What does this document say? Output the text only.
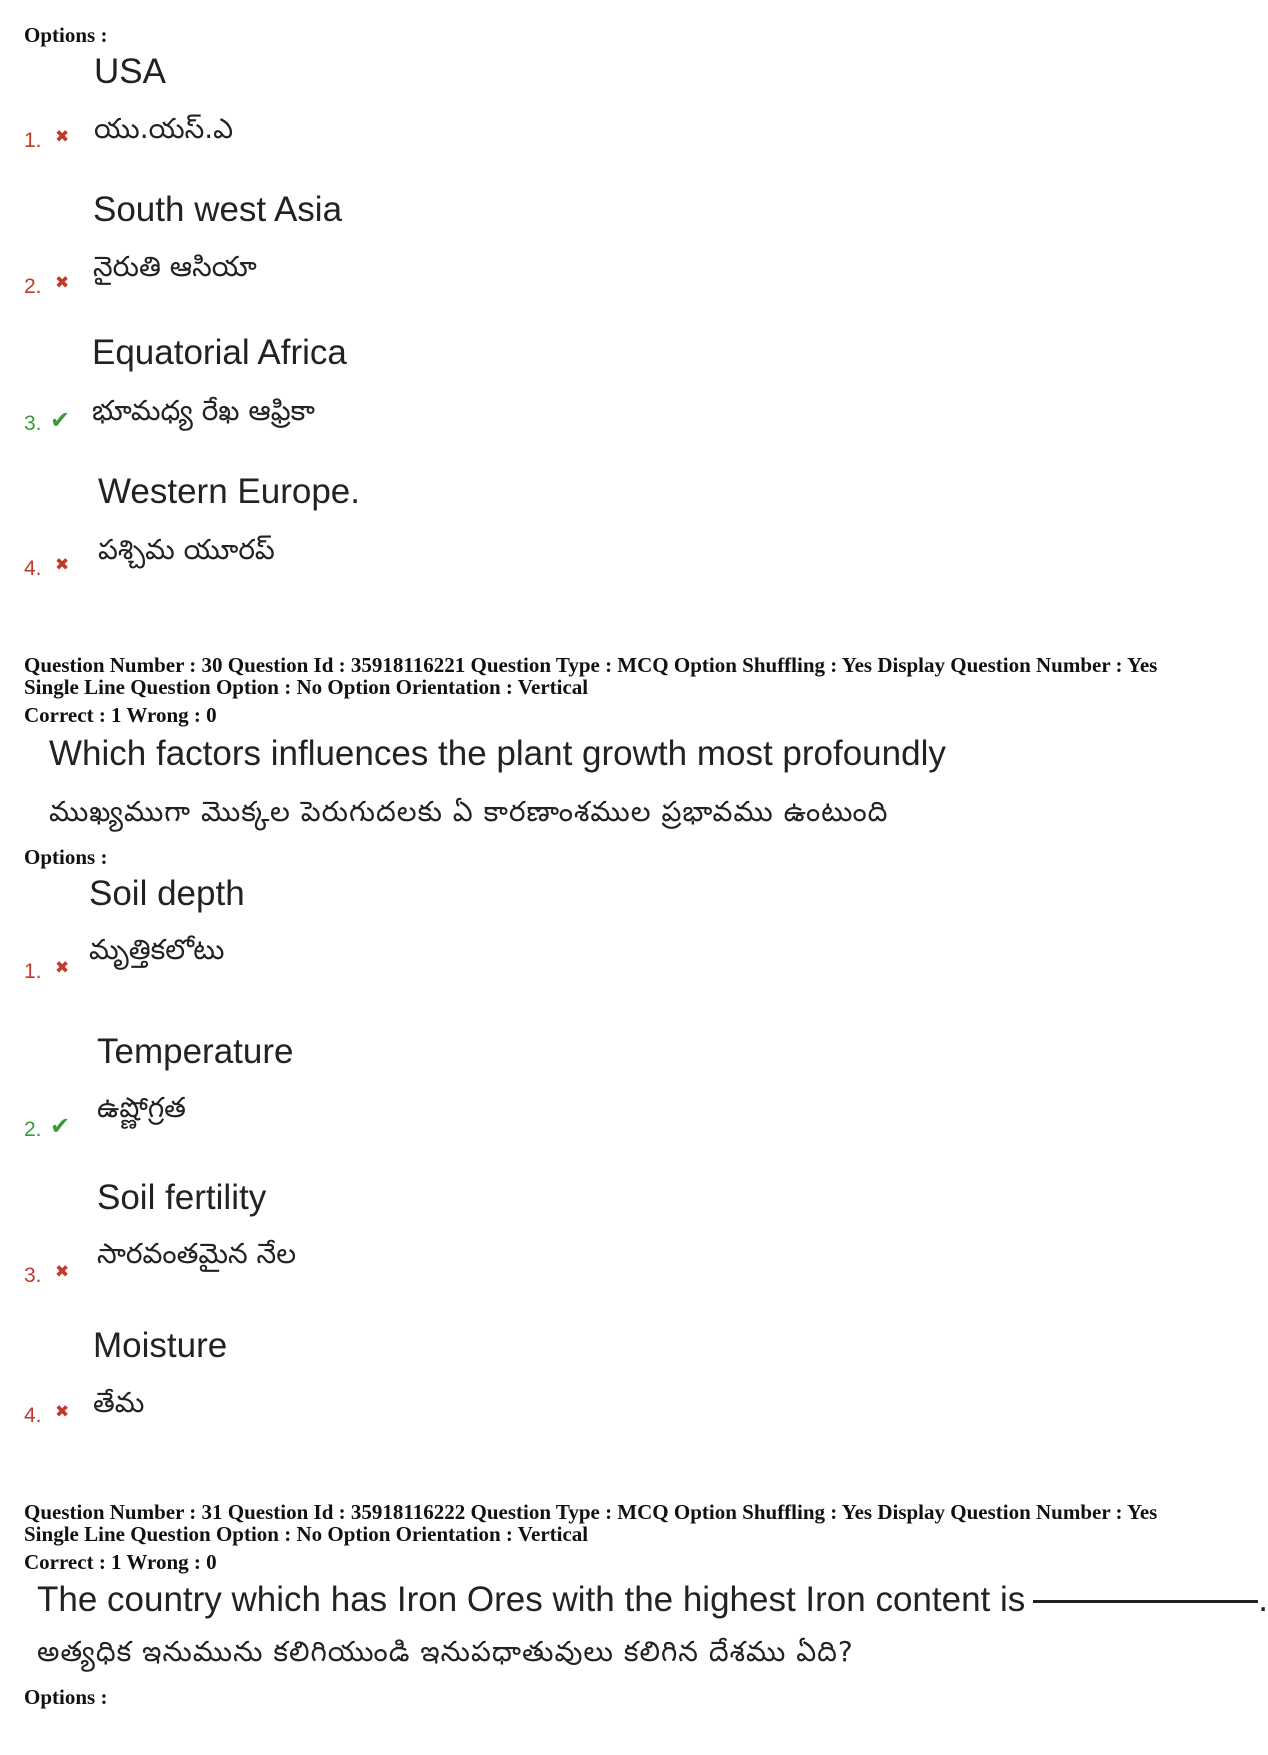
Options :
USA
యు.యస్.ఎ
1. ✖
South west Asia
నైరుతి ఆసియా
2. ✖
Equatorial Africa
భూమధ్య రేఖ ఆఫ్రికా
3. ✔
Western Europe.
పశ్చిమ యూరప్
4. ✖
Question Number : 30 Question Id : 35918116221 Question Type : MCQ Option Shuffling : Yes Display Question Number : Yes
Single Line Question Option : No Option Orientation : Vertical
Correct : 1 Wrong : 0
Which factors influences the plant growth most profoundly
ముఖ్యముగా మొక్కల పెరుగుదలకు ఏ కారణాంశముల ప్రభావము ఉంటుంది
Options :
Soil depth
మృత్తికలోటు
1. ✖
Temperature
ఉష్ణోగ్రత
2. ✔
Soil fertility
సారవంతమైన నేల
3. ✖
Moisture
తేమ
4. ✖
Question Number : 31 Question Id : 35918116222 Question Type : MCQ Option Shuffling : Yes Display Question Number : Yes
Single Line Question Option : No Option Orientation : Vertical
Correct : 1 Wrong : 0
The country which has Iron Ores with the highest Iron content is	.
అత్యధిక ఇనుమును కలిగియుండి ఇనుపధాతువులు కలిగిన దేశము ఏది?
Options :
